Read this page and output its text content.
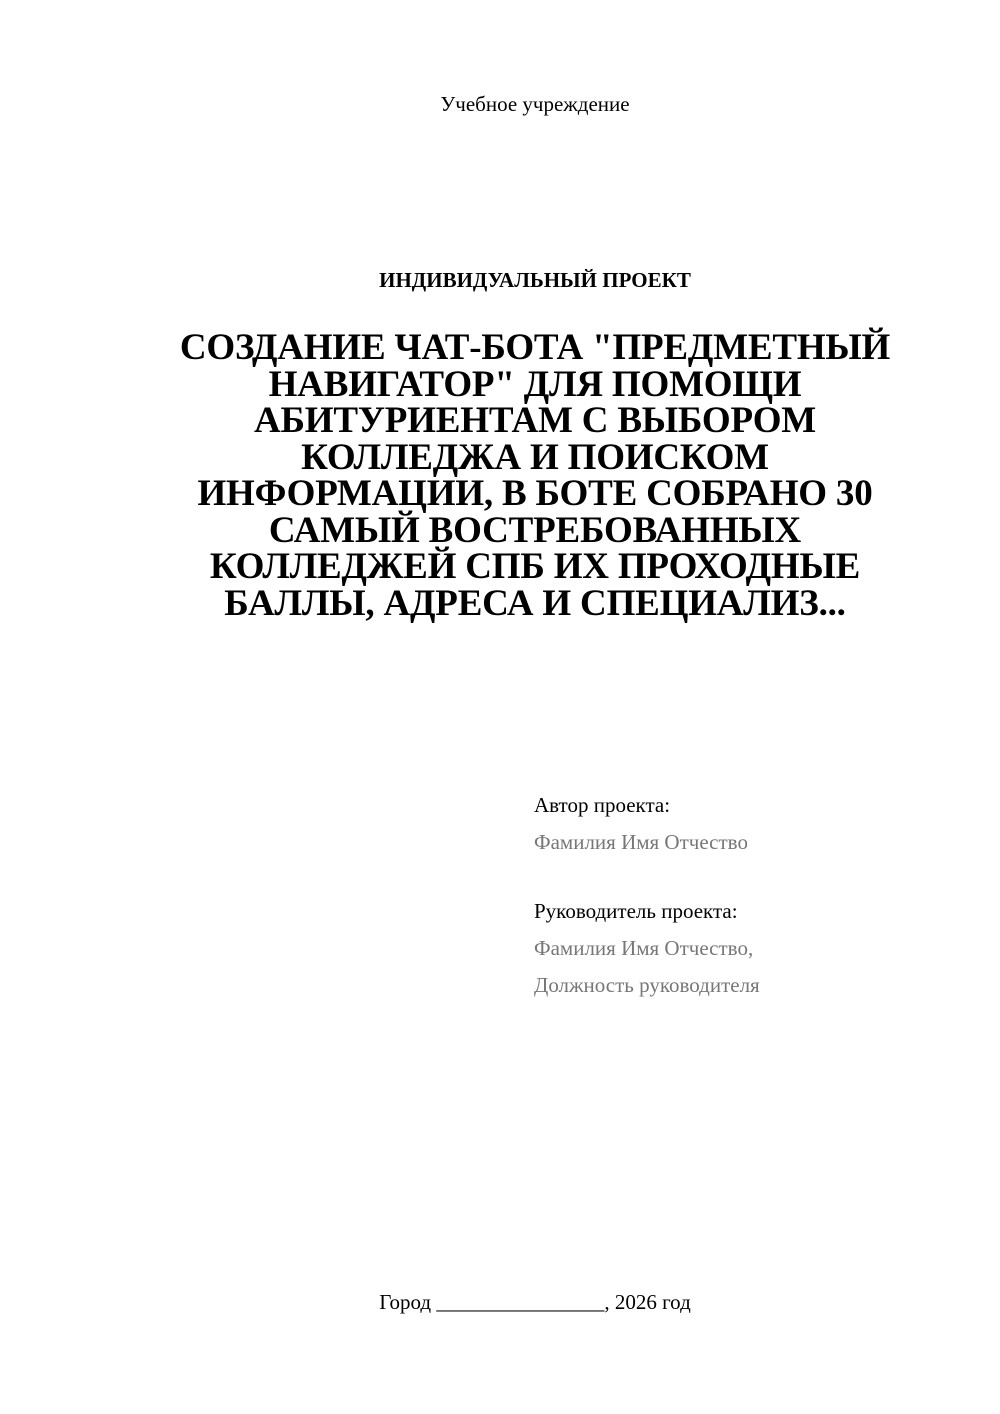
Учебное учреждение
ИНДИВИДУАЛЬНЫЙ ПРОЕКТ
СОЗДАНИЕ ЧАТ-БОТА "ПРЕДМЕТНЫЙ
НАВИГАТОР" ДЛЯ ПОМОЩИ
АБИТУРИЕНТАМ С ВЫБОРОМ
КОЛЛЕДЖА И ПОИСКОМ
ИНФОРМАЦИИ, В БОТЕ СОБРАНО 30
САМЫЙ ВОСТРЕБОВАННЫХ
КОЛЛЕДЖЕЙ СПБ ИХ ПРОХОДНЫЕ
БАЛЛЫ, АДРЕСА И СПЕЦИАЛИЗ...
Автор проекта:
Фамилия Имя Отчество
Руководитель проекта:
Фамилия Имя Отчество,
Должность руководителя
Город ________________, 2026 год
